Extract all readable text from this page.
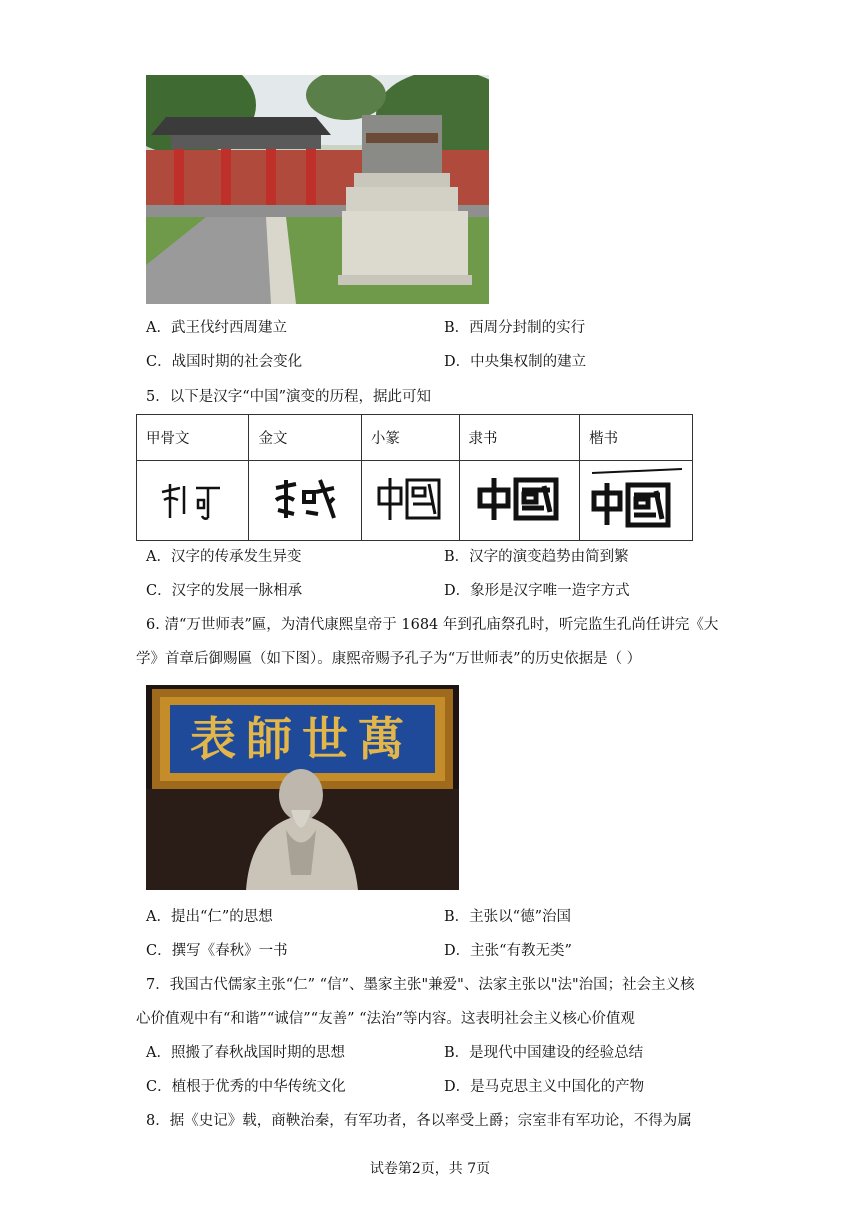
A．武王伐纣西周建立	B．西周分封制的实行
C．战国时期的社会变化	D．中央集权制的建立
5．以下是汉字“中国”演变的历程，据此可知
甲骨文	金文	小篆	隶书	楷书

A．汉字的传承发生异变	B．汉字的演变趋势由简到繁
C．汉字的发展一脉相承	D．象形是汉字唯一造字方式
6. 清“万世师表”匾，为清代康熙皇帝于 1684 年到孔庙祭孔时，听完监生孔尚任讲完《大
学》首章后御赐匾（如下图）。康熙帝赐予孔子为“万世师表”的历史依据是（ ）
表師世萬
A．提出“仁”的思想	B．主张以“德”治国
C．撰写《春秋》一书	D．主张“有教无类”
7．我国古代儒家主张“仁” “信”、墨家主张"兼爱"、法家主张以"法"治国；社会主义核
心价值观中有“和谐”“诚信”“友善” “法治”等内容。这表明社会主义核心价值观
A．照搬了春秋战国时期的思想	B．是现代中国建设的经验总结
C．植根于优秀的中华传统文化	D．是马克思主义中国化的产物
8．据《史记》载，商鞅治秦，有军功者，各以率受上爵；宗室非有军功论，不得为属
试卷第2页，共 7页
